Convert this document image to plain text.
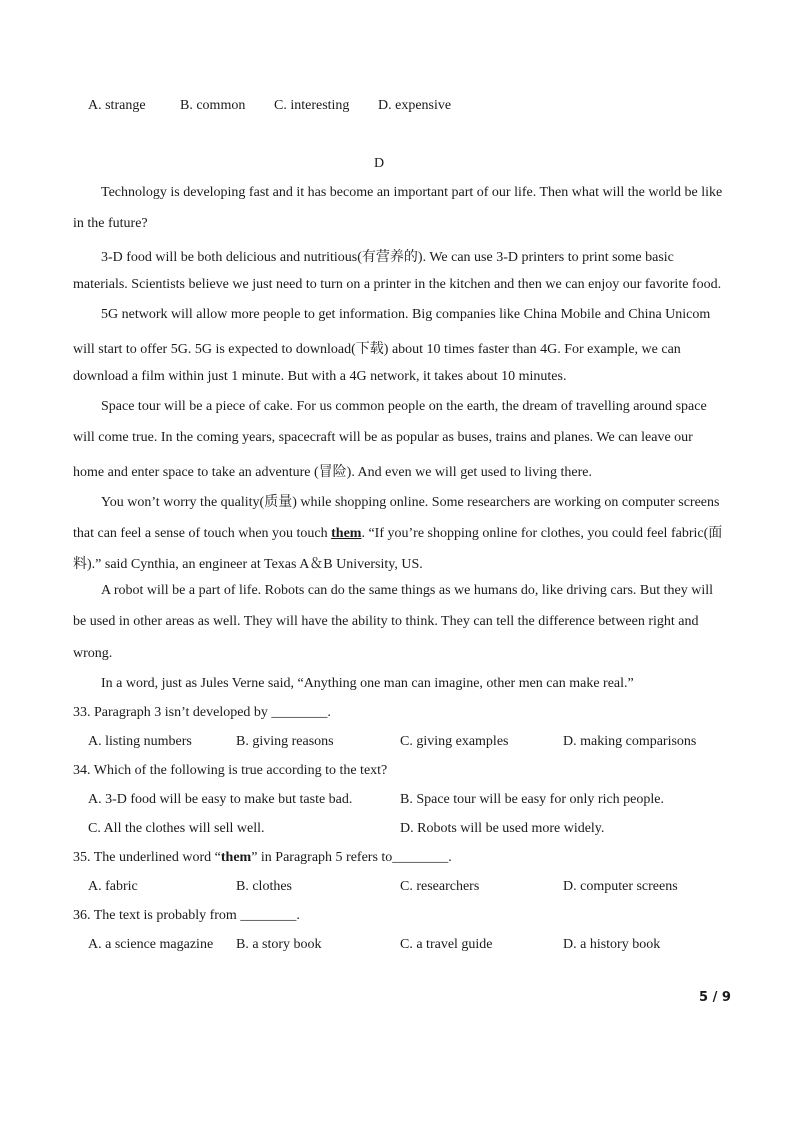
A. strange B. common C. interesting D. expensive
D
Technology is developing fast and it has become an important part of our life. Then what will the world be like
in the future?
3-D food will be both delicious and nutritious(有营养的). We can use 3-D printers to print some basic
materials. Scientists believe we just need to turn on a printer in the kitchen and then we can enjoy our favorite food.
5G network will allow more people to get information. Big companies like China Mobile and China Unicom
will start to offer 5G. 5G is expected to download(下载) about 10 times faster than 4G. For example, we can
download a film within just 1 minute. But with a 4G network, it takes about 10 minutes.
Space tour will be a piece of cake. For us common people on the earth, the dream of travelling around space
will come true. In the coming years, spacecraft will be as popular as buses, trains and planes. We can leave our
home and enter space to take an adventure (冒险). And even we will get used to living there.
You won’t worry the quality(质量) while shopping online. Some researchers are working on computer screens
that can feel a sense of touch when you touch them. “If you’re shopping online for clothes, you could feel fabric(面
料).” said Cynthia, an engineer at Texas A＆B University, US.
A robot will be a part of life. Robots can do the same things as we humans do, like driving cars. But they will
be used in other areas as well. They will have the ability to think. They can tell the difference between right and
wrong.
In a word, just as Jules Verne said, “Anything one man can imagine, other men can make real.”
33. Paragraph 3 isn’t developed by ________.
A. listing numbers	B. giving reasons	C. giving examples	D. making comparisons
34. Which of the following is true according to the text?
A. 3-D food will be easy to make but taste bad.	B. Space tour will be easy for only rich people.
C. All the clothes will sell well.	D. Robots will be used more widely.
35. The underlined word “them” in Paragraph 5 refers to________.
A. fabric	B. clothes	C. researchers	D. computer screens
36. The text is probably from ________.
A. a science magazine B. a story book	C. a travel guide	D. a history book
5 / 9
